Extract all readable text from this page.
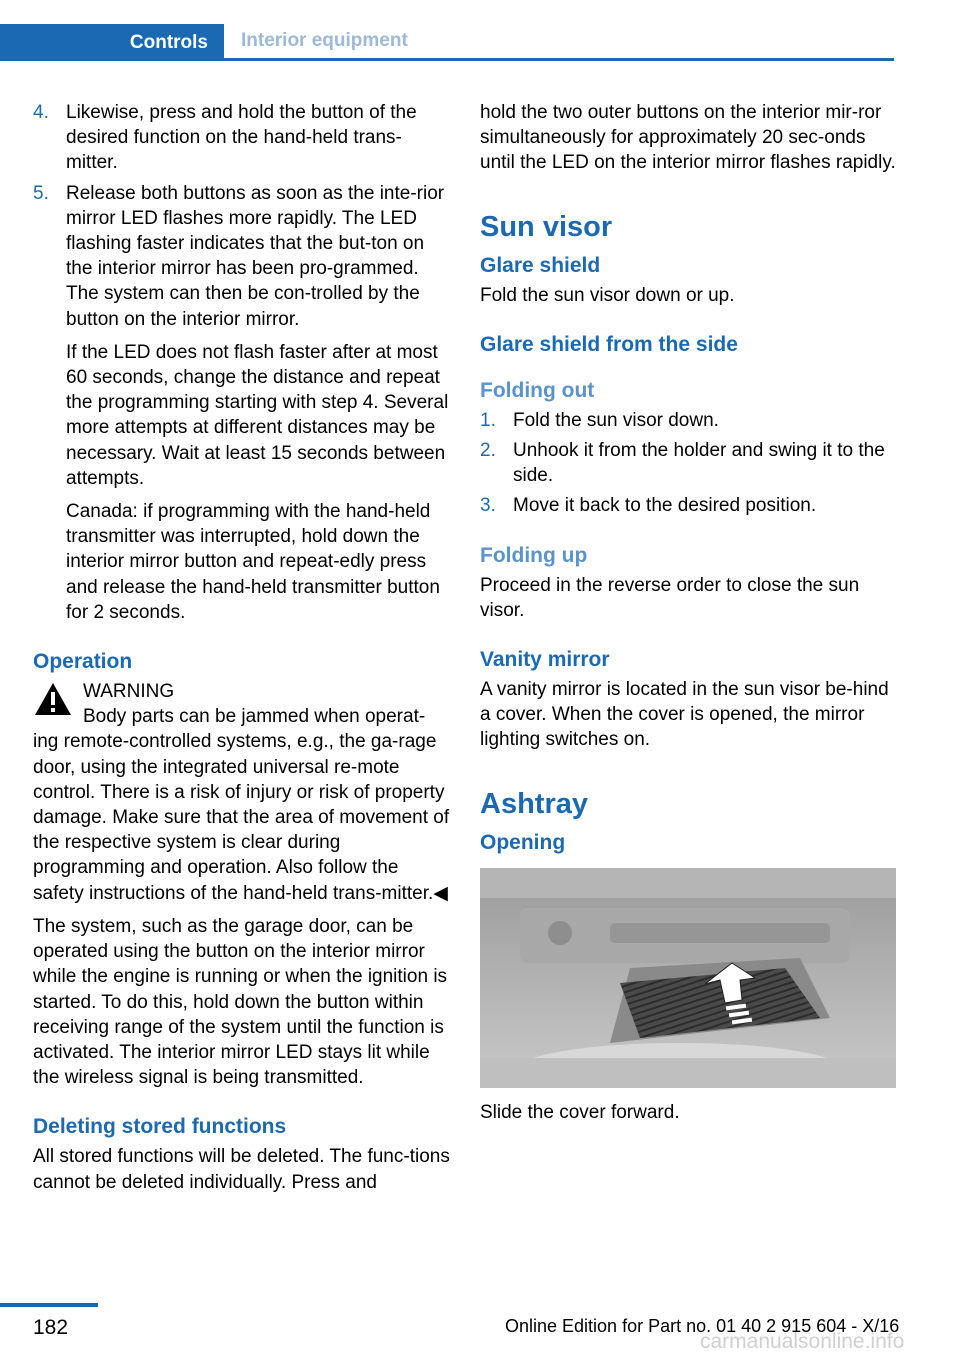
Controls	Interior equipment
4. Likewise, press and hold the button of the desired function on the hand-held trans-mitter.

5. Release both buttons as soon as the inte-rior mirror LED flashes more rapidly. The LED flashing faster indicates that the but-ton on the interior mirror has been pro-grammed. The system can then be con-trolled by the button on the interior mirror.

If the LED does not flash faster after at most 60 seconds, change the distance and repeat the programming starting with step 4. Several more attempts at different distances may be necessary. Wait at least 15 seconds between attempts.

Canada: if programming with the hand-held transmitter was interrupted, hold down the interior mirror button and repeat-edly press and release the hand-held transmitter button for 2 seconds.

Operation

WARNING

Body parts can be jammed when operat-

ing remote-controlled systems, e.g., the ga-rage door, using the integrated universal re-mote control. There is a risk of injury or risk of property damage. Make sure that the area of movement of the respective system is clear during programming and operation. Also follow the safety instructions of the hand-held trans-mitter.◀

The system, such as the garage door, can be operated using the button on the interior mirror while the engine is running or when the ignition is started. To do this, hold down the button within receiving range of the system until the function is activated. The interior mirror LED stays lit while the wireless signal is being transmitted.

Deleting stored functions

All stored functions will be deleted. The func-tions cannot be deleted individually. Press and

hold the two outer buttons on the interior mir-ror simultaneously for approximately 20 sec-onds until the LED on the interior mirror flashes rapidly.

Sun visor
Glare shield

Fold the sun visor down or up.

Glare shield from the side
Folding out
1. Fold the sun visor down.

2. Unhook it from the holder and swing it to the side.

3. Move it back to the desired position.

Folding up

Proceed in the reverse order to close the sun visor.

Vanity mirror

A vanity mirror is located in the sun visor be-hind a cover. When the cover is opened, the mirror lighting switches on.

Ashtray
Opening

Slide the cover forward.

182	Online Edition for Part no. 01 40 2 915 604 - X/16
carmanualsonline.info
